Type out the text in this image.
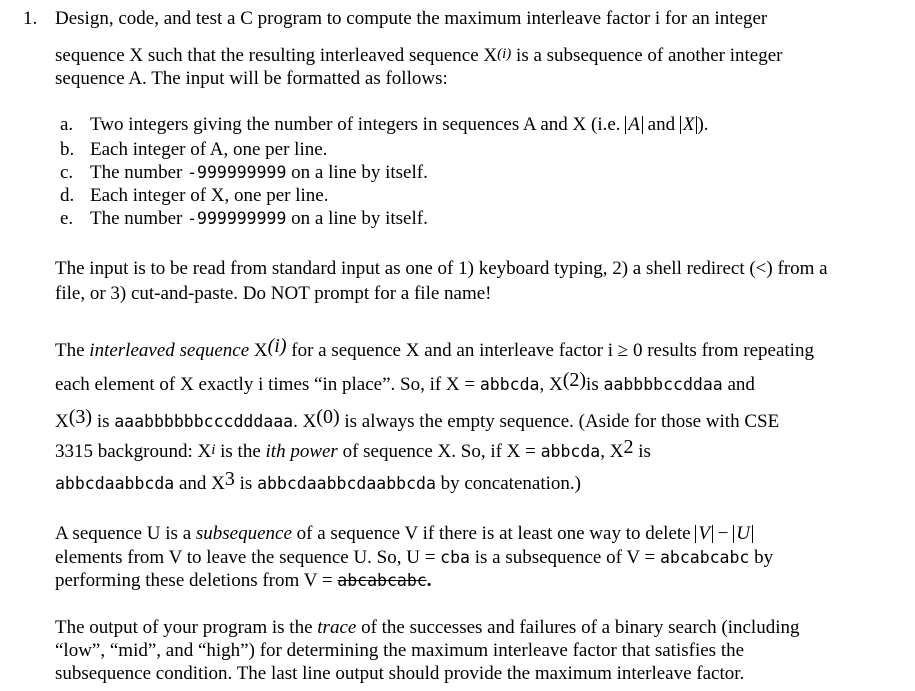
1. Design, code, and test a C program to compute the maximum interleave factor i for an integer
sequence X such that the resulting interleaved sequence $X^{(i)}$ is a subsequence of another integer
sequence A. The input will be formatted as follows:
a. Two integers giving the number of integers in sequences A and X (i.e. A and X ).
b. Each integer of A, one per line.
c. The number -999999999 on a line by itself.
d. Each integer of X, one per line.
e. The number -999999999 on a line by itself.
The input is to be read from standard input as one of 1) keyboard typing, 2) a shell redirect (<) from a
file, or 3) cut-and-paste. Do NOT prompt for a file name!
The interleaved sequence $X^{(i)}$ for a sequence X and an interleave factor i ≥ 0 results from repeating
each element of X exactly i times “in place”. So, if X = abbcda, $X^{(2)}is$ aabbbbccddaa and
$X^{(3)}$ is aaabbbbbbcccdddaaa. $X^{(0)}$ is always the empty sequence. (Aside for those with CSE
3315 background: $X^i$ is the ith power of sequence X. So, if X = abbcda, $X^2$ is
abbcdaabbcda and $X^3$ is abbcdaabbcdaabbcda by concatenation.)
A sequence U is a subsequence of a sequence V if there is at least one way to delete V − U
elements from V to leave the sequence U. So, U = cba is a subsequence of V = abcabcabc by
performing these deletions from V = abcabcabc.
The output of your program is the trace of the successes and failures of a binary search (including
“low”, “mid”, and “high”) for determining the maximum interleave factor that satisfies the
subsequence condition. The last line output should provide the maximum interleave factor.
